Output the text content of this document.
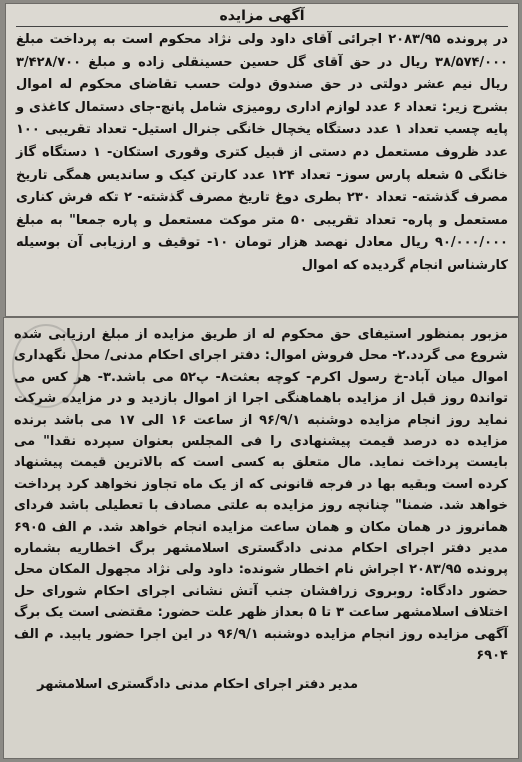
آگهی مزایده
در پرونده ۲۰۸۳/۹۵ اجرائی آقای داود ولی نژاد محکوم است به پرداخت مبلغ ۳۸/۵۷۴/۰۰۰ ریال در حق آقای گل حسین حسینقلی زاده و مبلغ ۳/۴۲۸/۷۰۰ ریال نیم عشر دولتی در حق صندوق دولت حسب تقاضای محکوم له اموال بشرح زیر: تعداد ۶ عدد لوازم اداری رومیزی شامل پانچ-جای دستمال کاغذی و پایه چسب تعداد ۱ عدد دستگاه یخچال خانگی جنرال استیل- تعداد تقریبی ۱۰۰ عدد ظروف مستعمل دم دستی از قبیل کتری وقوری استکان- ۱ دستگاه گاز خانگی ۵ شعله پارس سوز- تعداد ۱۲۴ عدد کارتن کیک و ساندیس همگی تاریخ مصرف گذشته- تعداد ۲۳۰ بطری دوغ تاریخ مصرف گذشته- ۲ تکه فرش کناری مستعمل و پاره- تعداد تقریبی ۵۰ متر موکت مستعمل و پاره جمعا" به مبلغ ۹۰/۰۰۰/۰۰۰ ریال معادل نهصد هزار تومان ۱۰- توقیف و ارزیابی آن بوسیله کارشناس انجام گردیده که اموال
مزبور بمنظور استیفای حق محکوم له از طریق مزایده از مبلغ ارزیابی شده شروع می گردد.۲- محل فروش اموال: دفتر اجرای احکام مدنی/ محل نگهداری اموال میان آباد-خ رسول اکرم- کوچه بعثت۸- پ۵۲ می باشد.۳- هر کس می تواند۵ روز قبل از مزایده باهماهنگی اجرا از اموال بازدید و در مزایده شرکت نماید روز انجام مزایده دوشنبه ۹۶/۹/۱ از ساعت ۱۶ الی ۱۷ می باشد برنده مزایده ده درصد قیمت پیشنهادی را فی المجلس بعنوان سپرده نقدا" می بایست پرداخت نماید. مال متعلق به کسی است که بالاترین قیمت پیشنهاد کرده است وبقیه بها در فرجه قانونی که از یک ماه تجاوز نخواهد کرد پرداخت خواهد شد. ضمنا" چنانچه روز مزایده به علتی مصادف با تعطیلی باشد فردای همانروز در همان مکان و همان ساعت مزایده انجام خواهد شد. م الف ۶۹۰۵ مدیر دفتر اجرای احکام مدنی دادگستری اسلامشهر برگ اخطاریه بشماره پرونده ۲۰۸۳/۹۵ اجراش نام اخطار شونده: داود ولی نژاد مجهول المکان محل حضور دادگاه: روبروی زرافشان جنب آتش نشانی اجرای احکام شورای حل اختلاف اسلامشهر ساعت ۳ تا ۵ بعداز ظهر علت حضور: مقتضی است یک برگ آگهی مزایده روز انجام مزایده دوشنبه ۹۶/۹/۱ در این اجرا حضور یابید. م الف ۶۹۰۴
مدیر دفتر اجرای احکام مدنی دادگستری اسلامشهر
